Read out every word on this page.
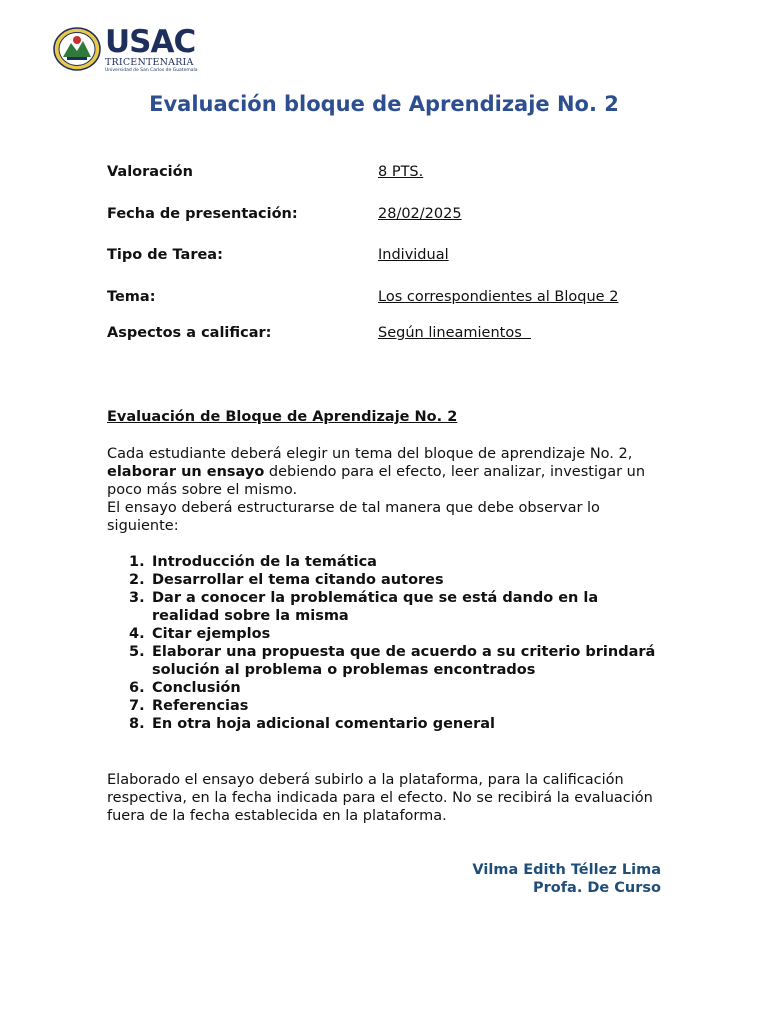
USAC
TRICENTENARIA
Universidad de San Carlos de Guatemala
Evaluación bloque de Aprendizaje No. 2
Valoración	8 PTS.
Fecha de presentación:	28/02/2025
Tipo de Tarea:	Individual
Tema:	Los correspondientes al Bloque 2
Aspectos a calificar:	Según lineamientos
Evaluación de Bloque de Aprendizaje No. 2

Cada estudiante deberá elegir un tema del bloque de aprendizaje No. 2, elaborar un ensayo debiendo para el efecto, leer analizar, investigar un poco más sobre el mismo.
El ensayo deberá estructurarse de tal manera que debe observar lo siguiente:

1. Introducción de la temática
2. Desarrollar el tema citando autores
3. Dar a conocer la problemática que se está dando en la realidad sobre la misma
4. Citar ejemplos
5. Elaborar una propuesta que de acuerdo a su criterio brindará solución al problema o problemas encontrados
6. Conclusión
7. Referencias
8. En otra hoja adicional comentario general

Elaborado el ensayo deberá subirlo a la plataforma, para la calificación respectiva, en la fecha indicada para el efecto. No se recibirá la evaluación fuera de la fecha establecida en la plataforma.

Vilma Edith Téllez Lima
Profa. De Curso
